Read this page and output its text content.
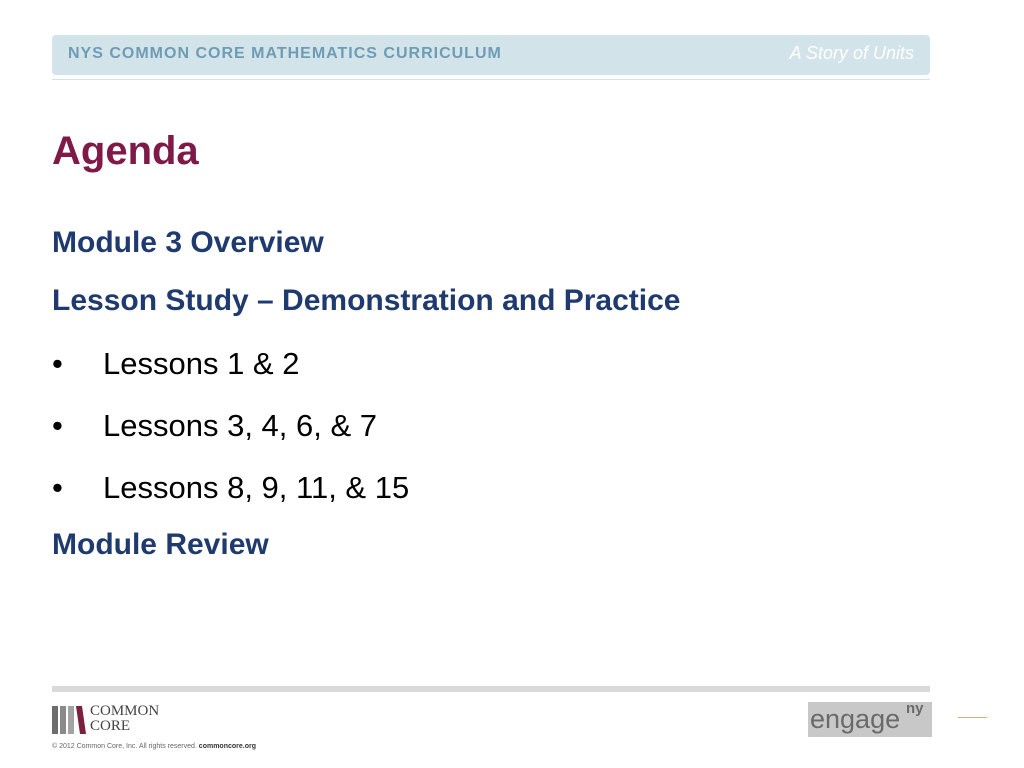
NYS COMMON CORE MATHEMATICS CURRICULUM	A Story of Units
Agenda
Module 3 Overview
Lesson Study – Demonstration and Practice
• Lessons 1 & 2
• Lessons 3, 4, 6, & 7
• Lessons 8, 9, 11, & 15
Module Review
COMMON
CORE
© 2012 Common Core, Inc. All rights reserved. commoncore.org
engage ny
